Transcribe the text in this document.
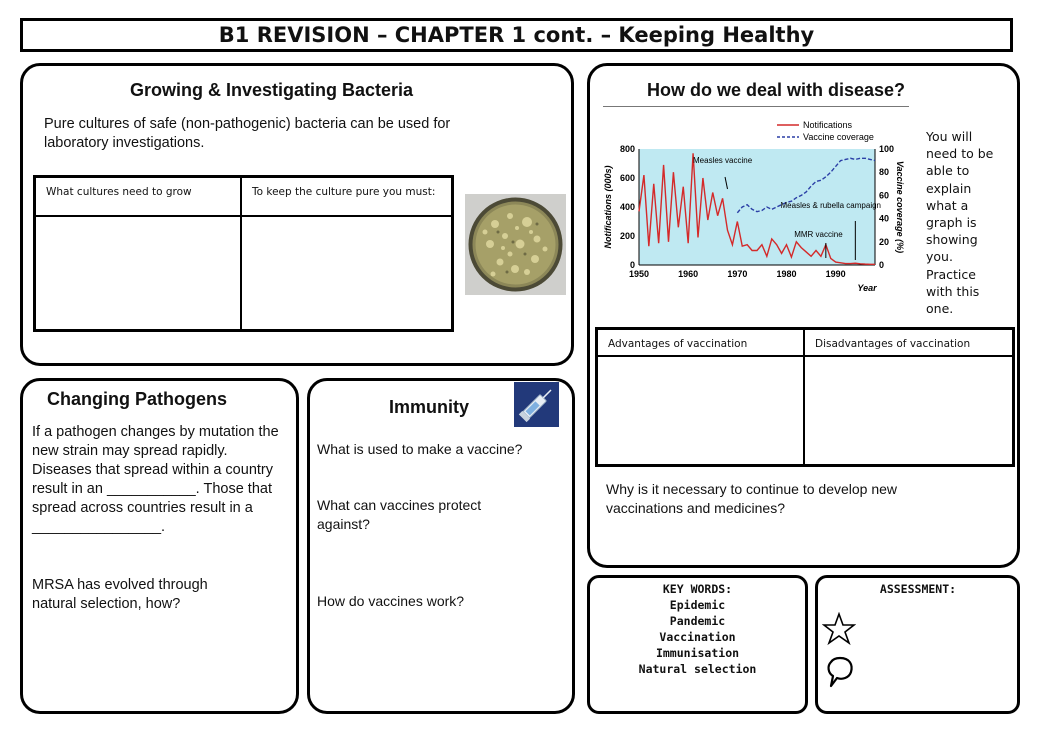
B1 REVISION – CHAPTER 1 cont. – Keeping Healthy
Growing & Investigating Bacteria
Pure cultures of safe (non-pathogenic) bacteria can be used for laboratory investigations.
What cultures need to grow	To keep the culture pure you must:
How do we deal with disease?
0
200
400
600
800
0
20
40
60
80
100
1950	1960	1970	1980	1990
Year
Notifications (000s)	Vaccine coverage (%)
Notifications
Vaccine coverage
Measles vaccine
Measles & rubella campaign
MMR vaccine
You will need to be able to explain what a graph is showing you. Practice with this one.
Advantages of vaccination	Disadvantages of vaccination
Why is it necessary to continue to develop new vaccinations and medicines?
Changing Pathogens
If a pathogen changes by mutation the new strain may spread rapidly. Diseases that spread within a country result in an ___________. Those that spread across countries result in a ________________.
MRSA has evolved through natural selection, how?
Immunity
What is used to make a vaccine?
What can vaccines protect against?
How do vaccines work?
KEY WORDS:
Epidemic
Pandemic
Vaccination
Immunisation
Natural selection
ASSESSMENT:
